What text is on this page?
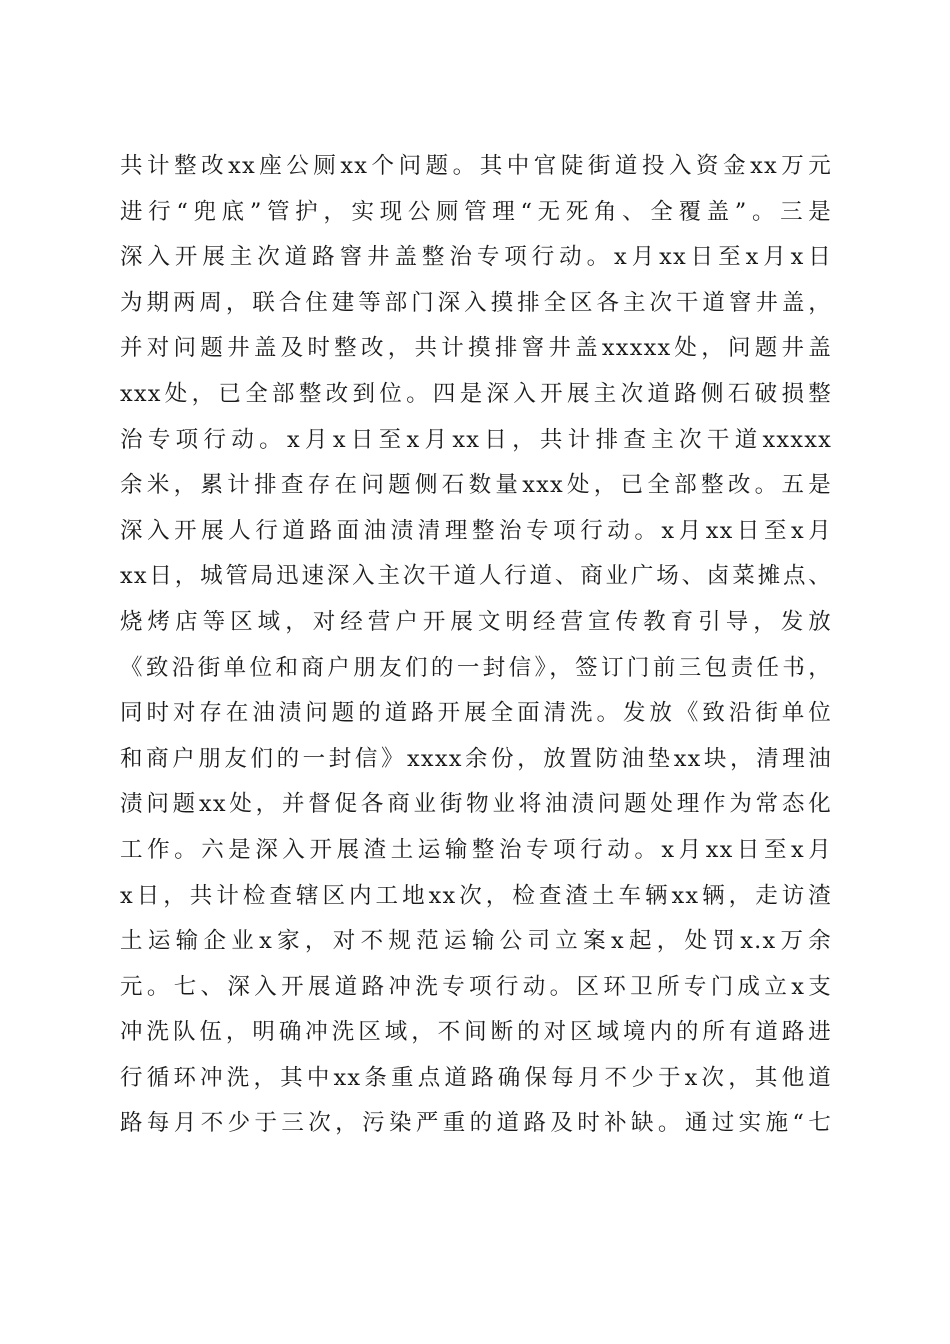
共计整改xx座公厕xx个问题。其中官陡街道投入资金xx万元
进行“兜底”管护，实现公厕管理“无死角、全覆盖”。三是
深入开展主次道路窨井盖整治专项行动。x月xx日至x月x日
为期两周，联合住建等部门深入摸排全区各主次干道窨井盖，
并对问题井盖及时整改，共计摸排窨井盖xxxxx处，问题井盖
xxx处，已全部整改到位。四是深入开展主次道路侧石破损整
治专项行动。x月x日至x月xx日，共计排查主次干道xxxxx
余米，累计排查存在问题侧石数量xxx处，已全部整改。五是
深入开展人行道路面油渍清理整治专项行动。x月xx日至x月
xx日，城管局迅速深入主次干道人行道、商业广场、卤菜摊点、
烧烤店等区域，对经营户开展文明经营宣传教育引导，发放
《致沿街单位和商户朋友们的一封信》，签订门前三包责任书，
同时对存在油渍问题的道路开展全面清洗。发放《致沿街单位
和商户朋友们的一封信》xxxx余份，放置防油垫xx块，清理油
渍问题xx处，并督促各商业街物业将油渍问题处理作为常态化
工作。六是深入开展渣土运输整治专项行动。x月xx日至x月
x日，共计检查辖区内工地xx次，检查渣土车辆xx辆，走访渣
土运输企业x家，对不规范运输公司立案x起，处罚x.x万余
元。七、深入开展道路冲洗专项行动。区环卫所专门成立x支
冲洗队伍，明确冲洗区域，不间断的对区域境内的所有道路进
行循环冲洗，其中xx条重点道路确保每月不少于x次，其他道
路每月不少于三次，污染严重的道路及时补缺。通过实施“七
